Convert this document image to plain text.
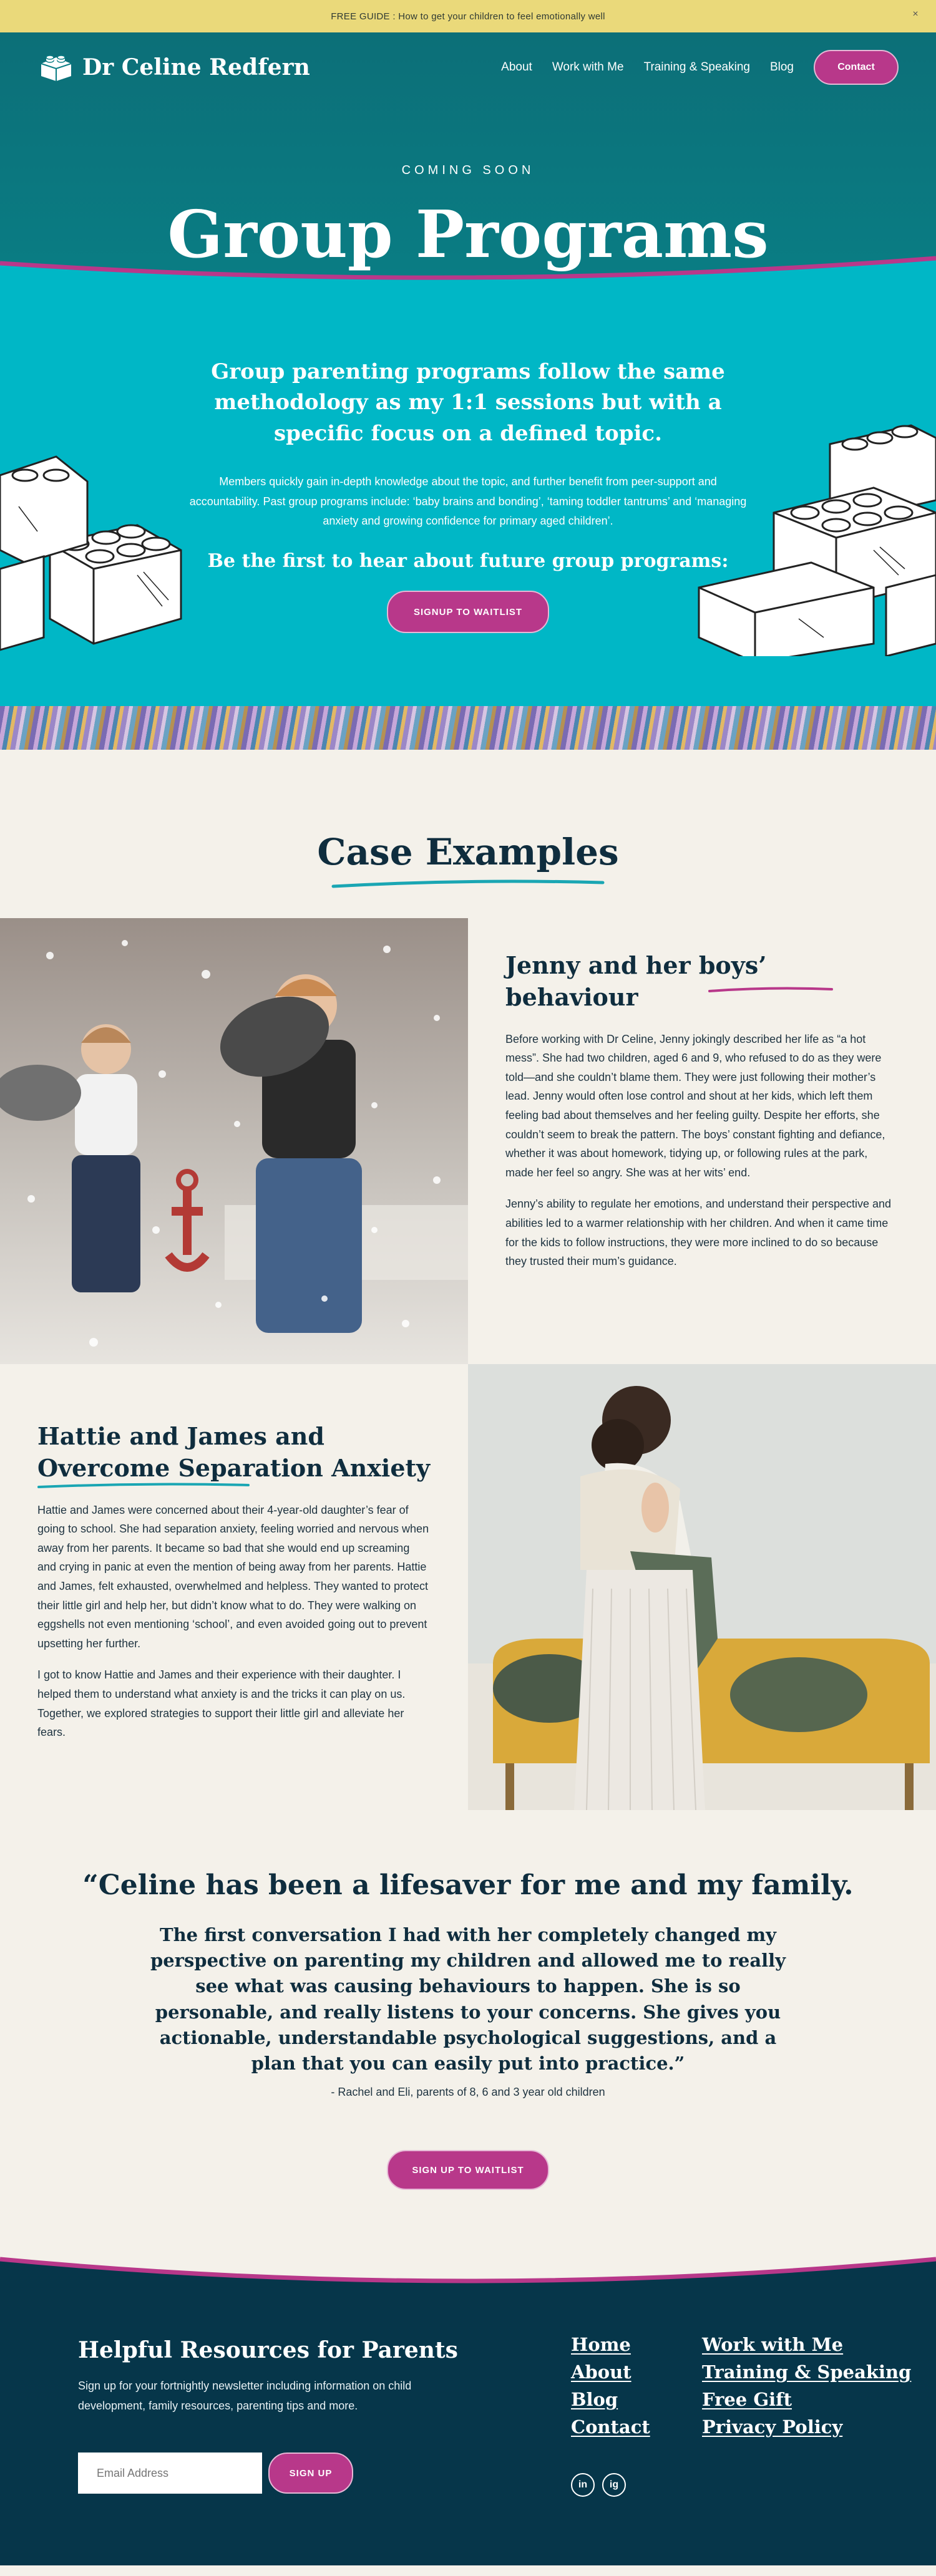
FREE GUIDE : How to get your children to feel emotionally well	×
Dr Celine Redfern	About Work with Me Training & Speaking Blog	Contact
COMING SOON
Group Programs
Group parenting programs follow the same methodology as my 1:1 sessions but with a specific focus on a defined topic.

Members quickly gain in-depth knowledge about the topic, and further benefit from peer-support and accountability. Past group programs include: ‘baby brains and bonding’, ‘taming toddler tantrums’ and ‘managing anxiety and growing confidence for primary aged children’.

Be the first to hear about future group programs:
SIGNUP TO WAITLIST
Case Examples
Jenny and her boys’ behaviour

Before working with Dr Celine, Jenny jokingly described her life as “a hot mess”. She had two children, aged 6 and 9, who refused to do as they were told—and she couldn’t blame them. They were just following their mother’s lead. Jenny would often lose control and shout at her kids, which left them feeling bad about themselves and her feeling guilty. Despite her efforts, she couldn’t seem to break the pattern. The boys’ constant fighting and defiance, whether it was about homework, tidying up, or following rules at the park, made her feel so angry. She was at her wits’ end.

Jenny’s ability to regulate her emotions, and understand their perspective and abilities led to a warmer relationship with her children. And when it came time for the kids to follow instructions, they were more inclined to do so because they trusted their mum’s guidance.

Hattie and James and Overcome Separation Anxiety

Hattie and James were concerned about their 4-year-old daughter’s fear of going to school. She had separation anxiety, feeling worried and nervous when away from her parents. It became so bad that she would end up screaming and crying in panic at even the mention of being away from her parents. Hattie and James, felt exhausted, overwhelmed and helpless. They wanted to protect their little girl and help her, but didn’t know what to do. They were walking on eggshells not even mentioning ‘school’, and even avoided going out to prevent upsetting her further.

I got to know Hattie and James and their experience with their daughter. I helped them to understand what anxiety is and the tricks it can play on us. Together, we explored strategies to support their little girl and alleviate her fears.

“Celine has been a lifesaver for me and my family.
The first conversation I had with her completely changed my perspective on parenting my children and allowed me to really see what was causing behaviours to happen. She is so personable, and really listens to your concerns. She gives you actionable, understandable psychological suggestions, and a plan that you can easily put into practice.”
- Rachel and Eli, parents of 8, 6 and 3 year old children
SIGN UP TO WAITLIST
Helpful Resources for Parents

Sign up for your fortnightly newsletter including information on child development, family resources, parenting tips and more.

Email Address
SIGN UP
Home
About
Blog
Contact
Work with Me
Training & Speaking
Free Gift
Privacy Policy
in	ig
